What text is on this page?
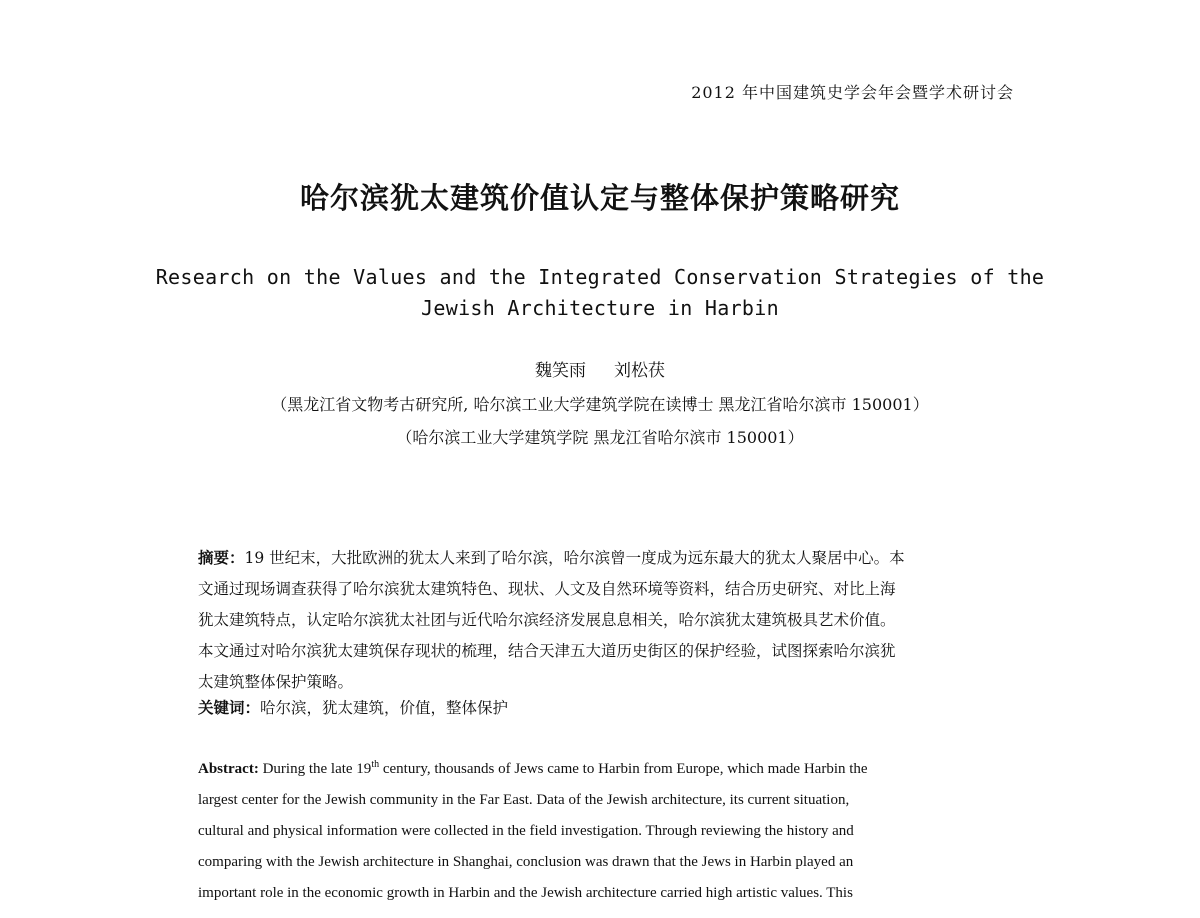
2012 年中国建筑史学会年会暨学术研讨会
哈尔滨犹太建筑价值认定与整体保护策略研究
Research on the Values and the Integrated Conservation Strategies of the
Jewish Architecture in Harbin
魏笑雨 刘松茯
（黑龙江省文物考古研究所, 哈尔滨工业大学建筑学院在读博士 黑龙江省哈尔滨市 150001）
（哈尔滨工业大学建筑学院 黑龙江省哈尔滨市 150001）
摘要：19 世纪末，大批欧洲的犹太人来到了哈尔滨，哈尔滨曾一度成为远东最大的犹太人聚居中心。本
文通过现场调查获得了哈尔滨犹太建筑特色、现状、人文及自然环境等资料，结合历史研究、对比上海
犹太建筑特点，认定哈尔滨犹太社团与近代哈尔滨经济发展息息相关，哈尔滨犹太建筑极具艺术价值。
本文通过对哈尔滨犹太建筑保存现状的梳理，结合天津五大道历史街区的保护经验，试图探索哈尔滨犹
太建筑整体保护策略。
关键词：哈尔滨，犹太建筑，价值，整体保护
Abstract: During the late 19th century, thousands of Jews came to Harbin from Europe, which made Harbin the
largest center for the Jewish community in the Far East. Data of the Jewish architecture, its current situation,
cultural and physical information were collected in the field investigation. Through reviewing the history and
comparing with the Jewish architecture in Shanghai, conclusion was drawn that the Jews in Harbin played an
important role in the economic growth in Harbin and the Jewish architecture carried high artistic values. This
